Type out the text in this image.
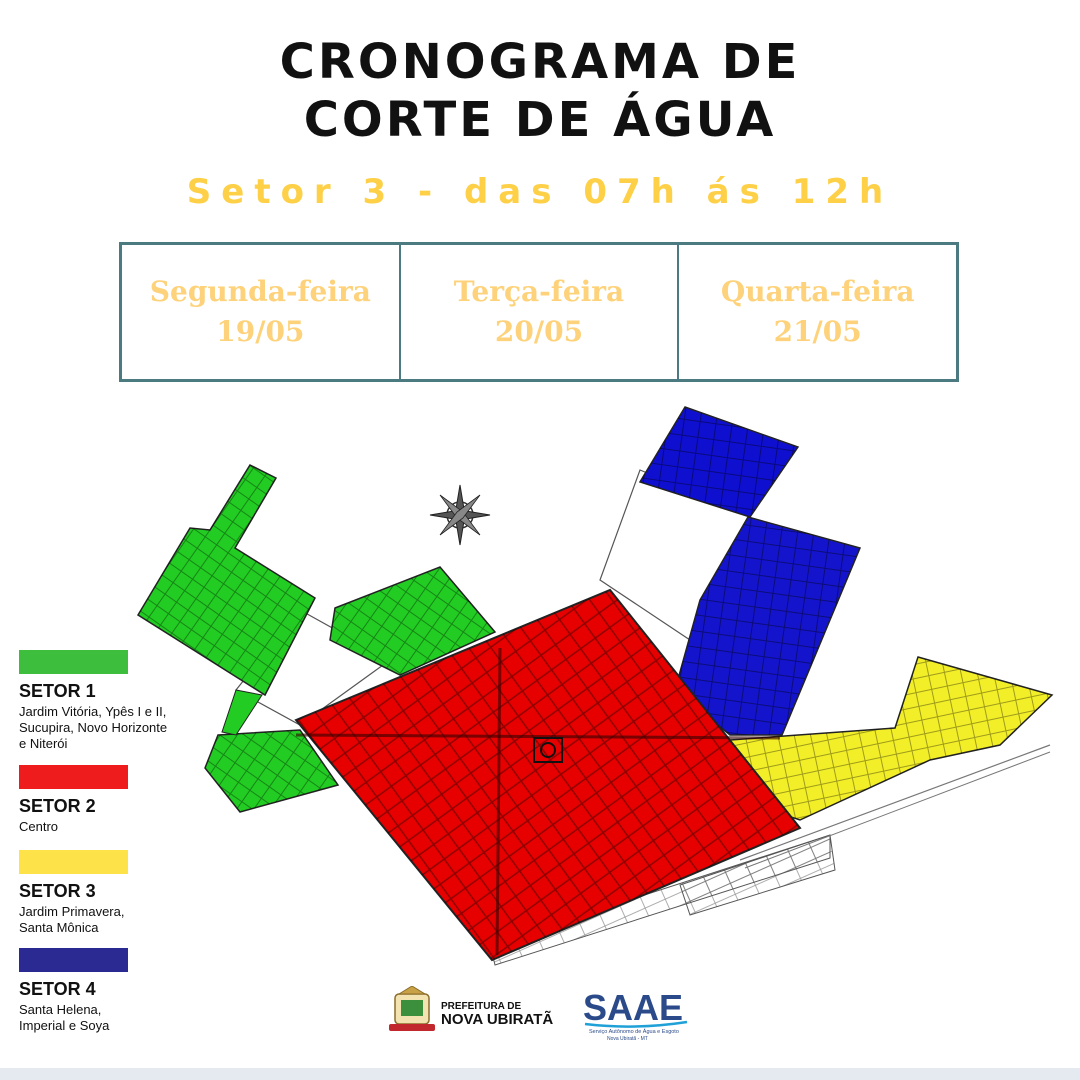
CRONOGRAMA DE
CORTE DE ÁGUA
Setor 3 - das 07h ás 12h
Segunda-feira
19/05
Terça-feira
20/05
Quarta-feira
21/05
SETOR 1
Jardim Vitória, Ypês I e II,
Sucupira, Novo Horizonte
e Niterói
SETOR 2
Centro
SETOR 3
Jardim Primavera,
Santa Mônica
SETOR 4
Santa Helena,
Imperial e Soya
PREFEITURA DE
NOVA UBIRATÃ SAAE
Serviço Autônomo de Água e Esgoto
Nova Ubiratã - MT
